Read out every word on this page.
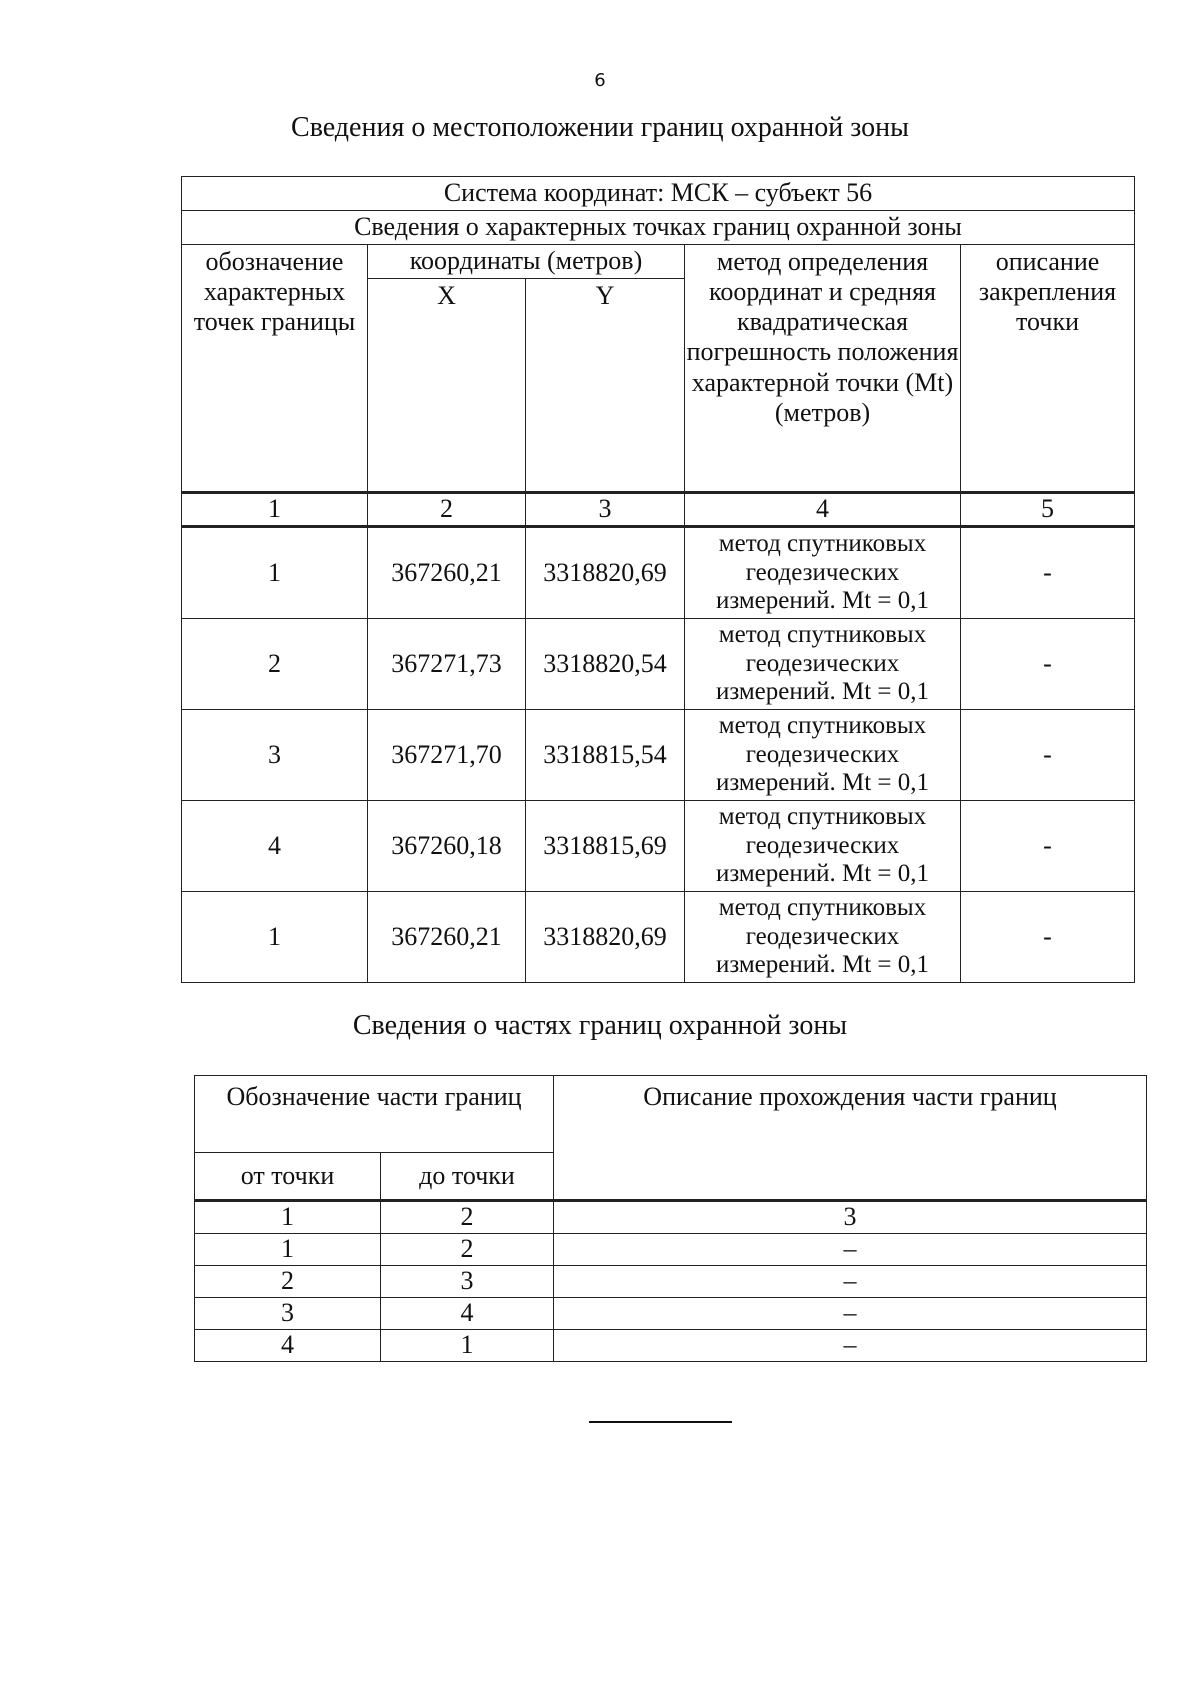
6
Сведения о местоположении границ охранной зоны
Система координат: МСК – субъект 56				
Сведения о характерных точках границ охранной зоны				
обозначение характерных точек границы	координаты (метров)		метод определения координат и средняя квадратическая погрешность положения характерной точки (Mt) (метров)	описание закрепления точки
	X	Y		
1	2	3	4	5
1	367260,21	3318820,69	метод спутниковых геодезических измерений. Mt = 0,1	-
2	367271,73	3318820,54	метод спутниковых геодезических измерений. Mt = 0,1	-
3	367271,70	3318815,54	метод спутниковых геодезических измерений. Mt = 0,1	-
4	367260,18	3318815,69	метод спутниковых геодезических измерений. Mt = 0,1	-
1	367260,21	3318820,69	метод спутниковых геодезических измерений. Mt = 0,1	-
Сведения о частях границ охранной зоны
Обозначение части границ		Описание прохождения части границ
от точки	до точки	
1	2	3
1	2	–
2	3	–
3	4	–
4	1	–
